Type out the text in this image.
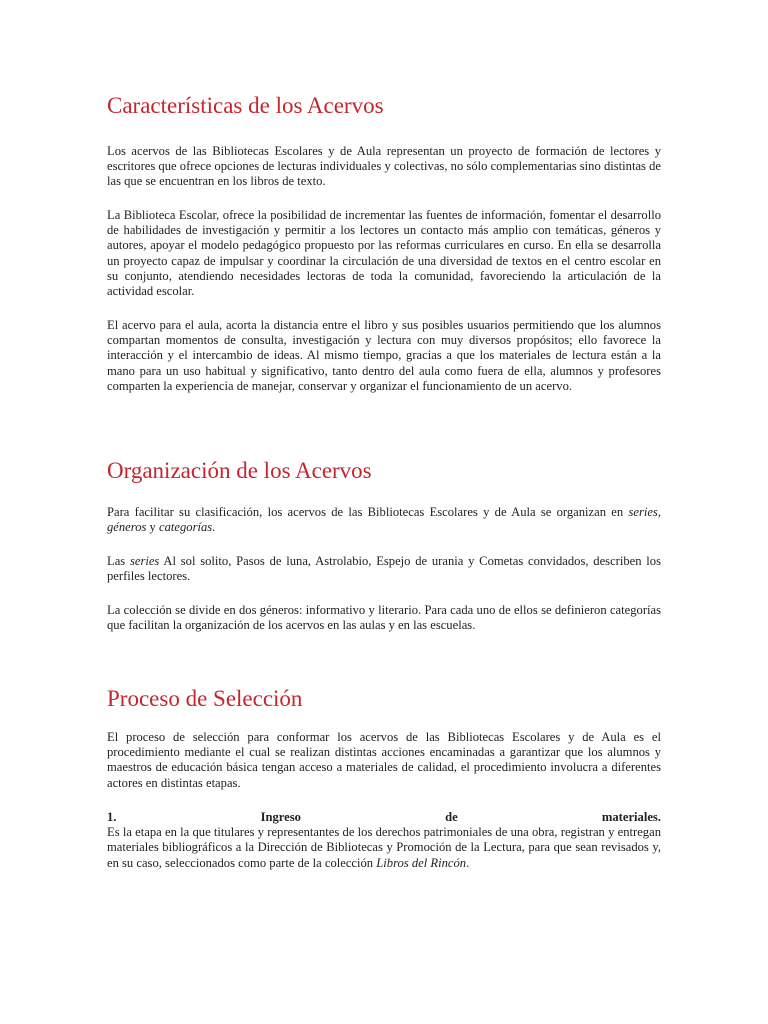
Características de los Acervos

Los acervos de las Bibliotecas Escolares y de Aula representan un proyecto de formación de lectores y escritores que ofrece opciones de lecturas individuales y colectivas, no sólo complementarias sino distintas de las que se encuentran en los libros de texto.

La Biblioteca Escolar, ofrece la posibilidad de incrementar las fuentes de información, fomentar el desarrollo de habilidades de investigación y permitir a los lectores un contacto más amplio con temáticas, géneros y autores, apoyar el modelo pedagógico propuesto por las reformas curriculares en curso. En ella se desarrolla un proyecto capaz de impulsar y coordinar la circulación de una diversidad de textos en el centro escolar en su conjunto, atendiendo necesidades lectoras de toda la comunidad, favoreciendo la articulación de la actividad escolar.

El acervo para el aula, acorta la distancia entre el libro y sus posibles usuarios permitiendo que los alumnos compartan momentos de consulta, investigación y lectura con muy diversos propósitos; ello favorece la interacción y el intercambio de ideas. Al mismo tiempo, gracias a que los materiales de lectura están a la mano para un uso habitual y significativo, tanto dentro del aula como fuera de ella, alumnos y profesores comparten la experiencia de manejar, conservar y organizar el funcionamiento de un acervo.

Organización de los Acervos

Para facilitar su clasificación, los acervos de las Bibliotecas Escolares y de Aula se organizan en series, géneros y categorías.

Las series Al sol solito, Pasos de luna, Astrolabio, Espejo de urania y Cometas convidados, describen los perfiles lectores.

La colección se divide en dos géneros: informativo y literario. Para cada uno de ellos se definieron categorías que facilitan la organización de los acervos en las aulas y en las escuelas.

Proceso de Selección

El proceso de selección para conformar los acervos de las Bibliotecas Escolares y de Aula es el procedimiento mediante el cual se realizan distintas acciones encaminadas a garantizar que los alumnos y maestros de educación básica tengan acceso a materiales de calidad, el procedimiento involucra a diferentes actores en distintas etapas.

1.	Ingreso	de	materiales.

Es la etapa en la que titulares y representantes de los derechos patrimoniales de una obra, registran y entregan materiales bibliográficos a la Dirección de Bibliotecas y Promoción de la Lectura, para que sean revisados y, en su caso, seleccionados como parte de la colección Libros del Rincón.
